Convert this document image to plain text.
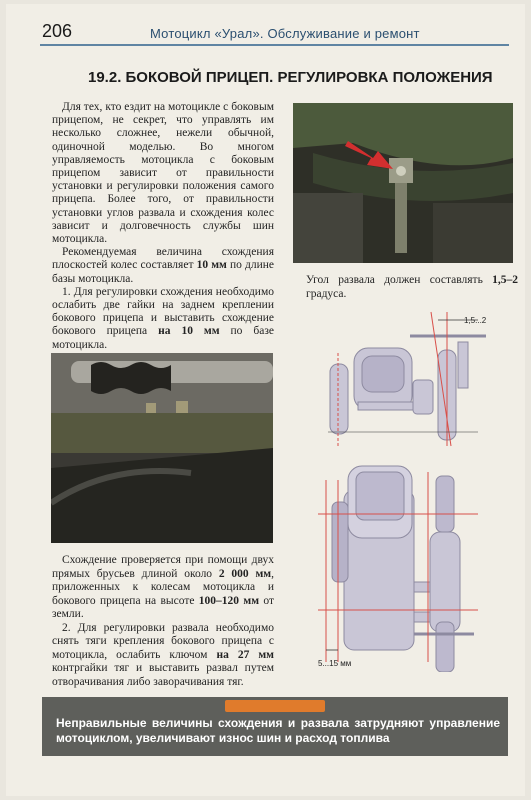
206	Мотоцикл «Урал». Обслуживание и ремонт
19.2. БОКОВОЙ ПРИЦЕП. РЕГУЛИРОВКА ПОЛОЖЕНИЯ

Для тех, кто ездит на мотоцикле с боковым прицепом, не секрет, что управлять им несколько сложнее, нежели обычной, одиночной моделью. Во многом управляемость мотоцикла с боковым прицепом зависит от правильности установки и регулировки положения самого прицепа. Более того, от правильности установки углов развала и схождения колес зависит и долговечность службы шин мотоцикла.

Рекомендуемая величина схождения плоскостей колес составляет 10 мм по длине базы мотоцикла.

1. Для регулировки схождения необходимо ослабить две гайки на заднем креплении бокового прицепа и выставить схождение бокового прицепа на 10 мм по базе мотоцикла.

Схождение проверяется при помощи двух прямых брусьев длиной около 2 000 мм, приложенных к колесам мотоцикла и бокового прицепа на высоте 100–120 мм от земли.

2. Для регулировки развала необходимо снять тяги крепления бокового прицепа с мотоцикла, ослабить ключом на 27 мм контргайки тяг и выставить развал путем отворачивания либо заворачивания тяг.

Угол развала должен составлять 1,5–2 градуса.
1,5...2
5...15 мм
Неправильные величины схождения и развала затрудняют управление мотоциклом, увеличивают износ шин и расход топлива
